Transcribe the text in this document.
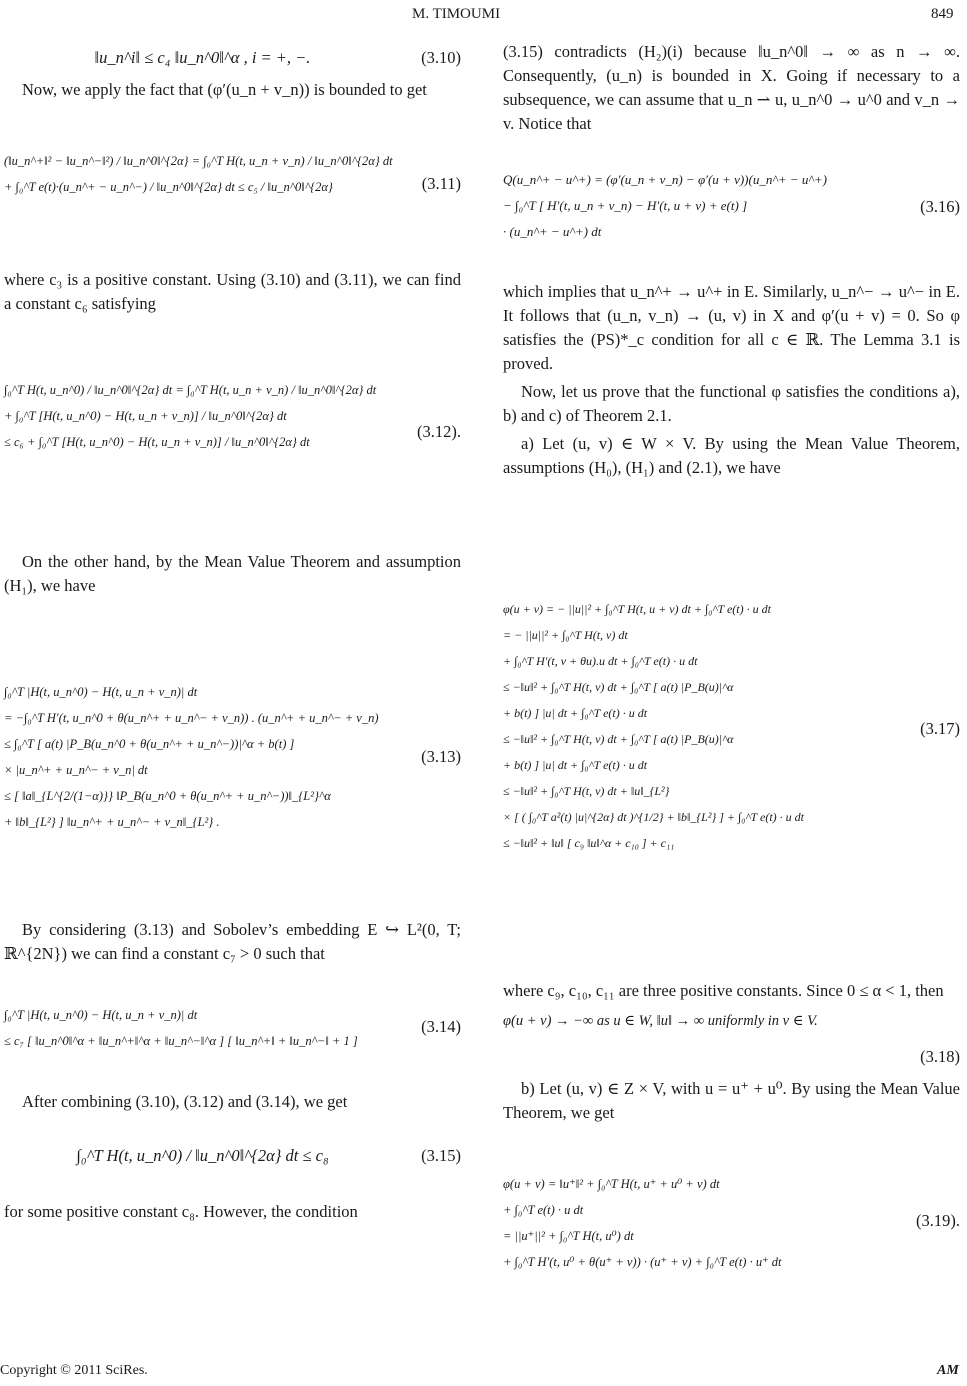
M. TIMOUMI	849
‖u_n^i‖ ≤ c₄ ‖u_n^0‖^α , i = +, −.	(3.10)

Now, we apply the fact that (φ′(u_n + v_n)) is bounded to get

(‖u_n^+‖² − ‖u_n^−‖²) / ‖u_n^0‖^{2α} = ∫₀^T H(t, u_n + v_n) / ‖u_n^0‖^{2α} dt
+ ∫₀^T e(t)·(u_n^+ − u_n^−) / ‖u_n^0‖^{2α} dt ≤ c₅ / ‖u_n^0‖^{2α}	(3.11)

where c₃ is a positive constant. Using (3.10) and (3.11), we can find a constant c₆ satisfying

∫₀^T H(t, u_n^0) / ‖u_n^0‖^{2α} dt = ∫₀^T H(t, u_n + v_n) / ‖u_n^0‖^{2α} dt
+ ∫₀^T [H(t, u_n^0) − H(t, u_n + v_n)] / ‖u_n^0‖^{2α} dt
≤ c₆ + ∫₀^T [H(t, u_n^0) − H(t, u_n + v_n)] / ‖u_n^0‖^{2α} dt
(3.12).

On the other hand, by the Mean Value Theorem and assumption (H₁), we have

∫₀^T |H(t, u_n^0) − H(t, u_n + v_n)| dt
= −∫₀^T H′(t, u_n^0 + θ(u_n^+ + u_n^− + v_n)) . (u_n^+ + u_n^− + v_n)
≤ ∫₀^T [ a(t) |P_B(u_n^0 + θ(u_n^+ + u_n^−))|^α + b(t) ]
× |u_n^+ + u_n^− + v_n| dt
≤ [ ‖a‖_{L^{2/(1−α)}} ‖P_B(u_n^0 + θ(u_n^+ + u_n^−))‖_{L²}^α
+ ‖b‖_{L²} ] ‖u_n^+ + u_n^− + v_n‖_{L²} .
(3.13)

By considering (3.13) and Sobolev’s embedding E ↪ L²(0, T; ℝ^{2N}) we can find a constant c₇ > 0 such that

∫₀^T |H(t, u_n^0) − H(t, u_n + v_n)| dt
≤ c₇ [ ‖u_n^0‖^α + ‖u_n^+‖^α + ‖u_n^−‖^α ] [ ‖u_n^+‖ + ‖u_n^−‖ + 1 ]
(3.14)

After combining (3.10), (3.12) and (3.14), we get

∫₀^T H(t, u_n^0) / ‖u_n^0‖^{2α} dt ≤ c₈	(3.15)

for some positive constant c₈. However, the condition

(3.15) contradicts (H₂)(i) because ‖u_n^0‖ → ∞ as n → ∞. Consequently, (u_n) is bounded in X. Going if necessary to a subsequence, we can assume that u_n ⇀ u, u_n^0 → u^0 and v_n → v. Notice that

Q(u_n^+ − u^+) = (φ′(u_n + v_n) − φ′(u + v))(u_n^+ − u^+)
− ∫₀^T [ H′(t, u_n + v_n) − H′(t, u + v) + e(t) ]
· (u_n^+ − u^+) dt
(3.16)

which implies that u_n^+ → u^+ in E. Similarly, u_n^− → u^− in E. It follows that (u_n, v_n) → (u, v) in X and φ′(u + v) = 0. So φ satisfies the (PS)*_c condition for all c ∈ ℝ. The Lemma 3.1 is proved.

Now, let us prove that the functional φ satisfies the conditions a), b) and c) of Theorem 2.1.

a) Let (u, v) ∈ W × V. By using the Mean Value Theorem, assumptions (H₀), (H₁) and (2.1), we have

φ(u + v) = − ||u||² + ∫₀^T H(t, u + v) dt + ∫₀^T e(t) · u dt
= − ||u||² + ∫₀^T H(t, v) dt
+ ∫₀^T H′(t, v + θu).u dt + ∫₀^T e(t) · u dt
≤ −‖u‖² + ∫₀^T H(t, v) dt + ∫₀^T [ a(t) |P_B(u)|^α
+ b(t) ] |u| dt + ∫₀^T e(t) · u dt
≤ −‖u‖² + ∫₀^T H(t, v) dt + ∫₀^T [ a(t) |P_B(u)|^α
+ b(t) ] |u| dt + ∫₀^T e(t) · u dt
≤ −‖u‖² + ∫₀^T H(t, v) dt + ‖u‖_{L²}
× [ ( ∫₀^T a²(t) |u|^{2α} dt )^{1/2} + ‖b‖_{L²} ] + ∫₀^T e(t) · u dt
≤ −‖u‖² + ‖u‖ [ c₉ ‖u‖^α + c₁₀ ] + c₁₁
(3.17)

where c₉, c₁₀, c₁₁ are three positive constants. Since 0 ≤ α < 1, then

φ(u + v) → −∞ as u ∈ W, ‖u‖ → ∞ uniformly in v ∈ V.
(3.18)

b) Let (u, v) ∈ Z × V, with u = u⁺ + u⁰. By using the Mean Value Theorem, we get

φ(u + v) = ‖u⁺‖² + ∫₀^T H(t, u⁺ + u⁰ + v) dt
+ ∫₀^T e(t) · u dt
= ||u⁺||² + ∫₀^T H(t, u⁰) dt
+ ∫₀^T H′(t, u⁰ + θ(u⁺ + v)) · (u⁺ + v) + ∫₀^T e(t) · u⁺ dt
(3.19).
Copyright © 2011 SciRes.	AM
